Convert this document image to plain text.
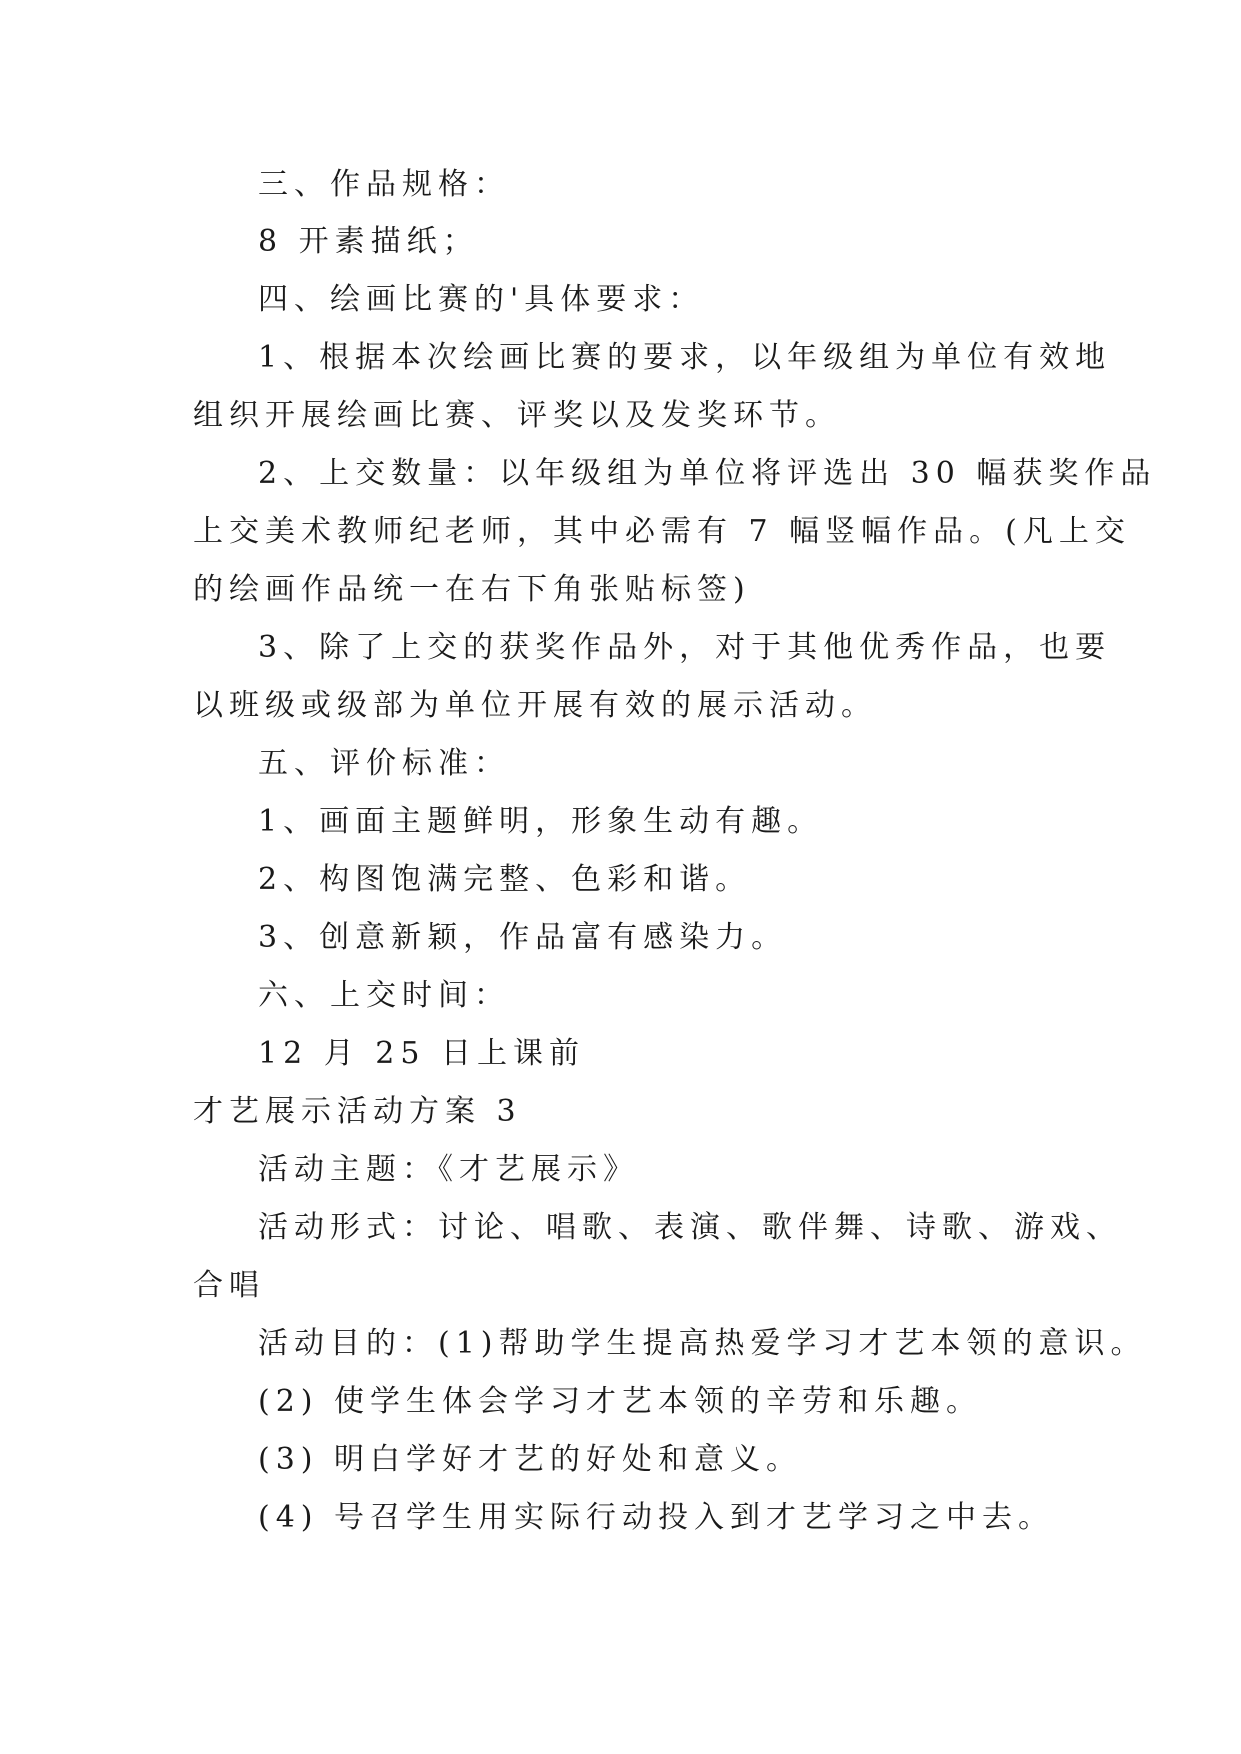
三、作品规格：

8 开素描纸；

四、绘画比赛的'具体要求：

1、根据本次绘画比赛的要求，以年级组为单位有效地

组织开展绘画比赛、评奖以及发奖环节。

2、上交数量：以年级组为单位将评选出 30 幅获奖作品

上交美术教师纪老师，其中必需有 7 幅竖幅作品。(凡上交

的绘画作品统一在右下角张贴标签)

3、除了上交的获奖作品外，对于其他优秀作品，也要

以班级或级部为单位开展有效的展示活动。

五、评价标准：

1、画面主题鲜明，形象生动有趣。

2、构图饱满完整、色彩和谐。

3、创意新颖，作品富有感染力。

六、上交时间：

12 月 25 日上课前

才艺展示活动方案 3

活动主题：《才艺展示》

活动形式：讨论、唱歌、表演、歌伴舞、诗歌、游戏、

合唱

活动目的：(1)帮助学生提高热爱学习才艺本领的意识。

(2) 使学生体会学习才艺本领的辛劳和乐趣。

(3) 明白学好才艺的好处和意义。

(4) 号召学生用实际行动投入到才艺学习之中去。
